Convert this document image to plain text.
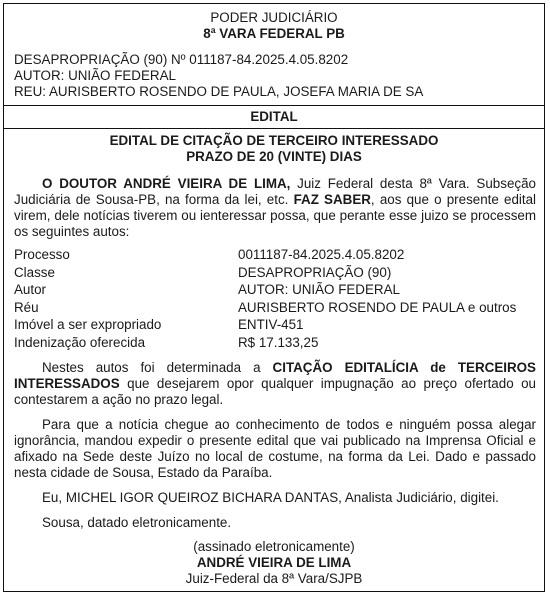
PODER JUDICIÁRIO
8ª VARA FEDERAL PB
DESAPROPRIAÇÃO (90) Nº 011187-84.2025.4.05.8202
AUTOR: UNIÃO FEDERAL
REU: AURISBERTO ROSENDO DE PAULA, JOSEFA MARIA DE SA
EDITAL
EDITAL DE CITAÇÃO DE TERCEIRO INTERESSADO
PRAZO DE 20 (VINTE) DIAS

O DOUTOR ANDRÉ VIEIRA DE LIMA, Juiz Federal desta 8ª Vara. Subseção Judiciária de Sousa-PB, na forma da lei, etc. FAZ SABER, aos que o presente edital virem, dele notícias tiverem ou ienteressar possa, que perante esse juizo se processem os seguintes autos:

Processo	0011187-84.2025.4.05.8202
Classe	DESAPROPRIAÇÃO (90)
Autor	AUTOR: UNIÃO FEDERAL
Réu	AURISBERTO ROSENDO DE PAULA e outros
Imóvel a ser expropriado	ENTIV-451
Indenização oferecida	R$ 17.133,25

Nestes autos foi determinada a CITAÇÃO EDITALÍCIA de TERCEIROS INTERESSADOS que desejarem opor qualquer impugnação ao preço ofertado ou contestarem a ação no prazo legal.

Para que a notícia chegue ao conhecimento de todos e ninguém possa alegar ignorância, mandou expedir o presente edital que vai publicado na Imprensa Oficial e afixado na Sede deste Juízo no local de costume, na forma da Lei. Dado e passado nesta cidade de Sousa, Estado da Paraíba.

Eu, MICHEL IGOR QUEIROZ BICHARA DANTAS, Analista Judiciário, digitei.

Sousa, datado eletronicamente.

(assinado eletronicamente)
ANDRÉ VIEIRA DE LIMA
Juiz-Federal da 8ª Vara/SJPB
